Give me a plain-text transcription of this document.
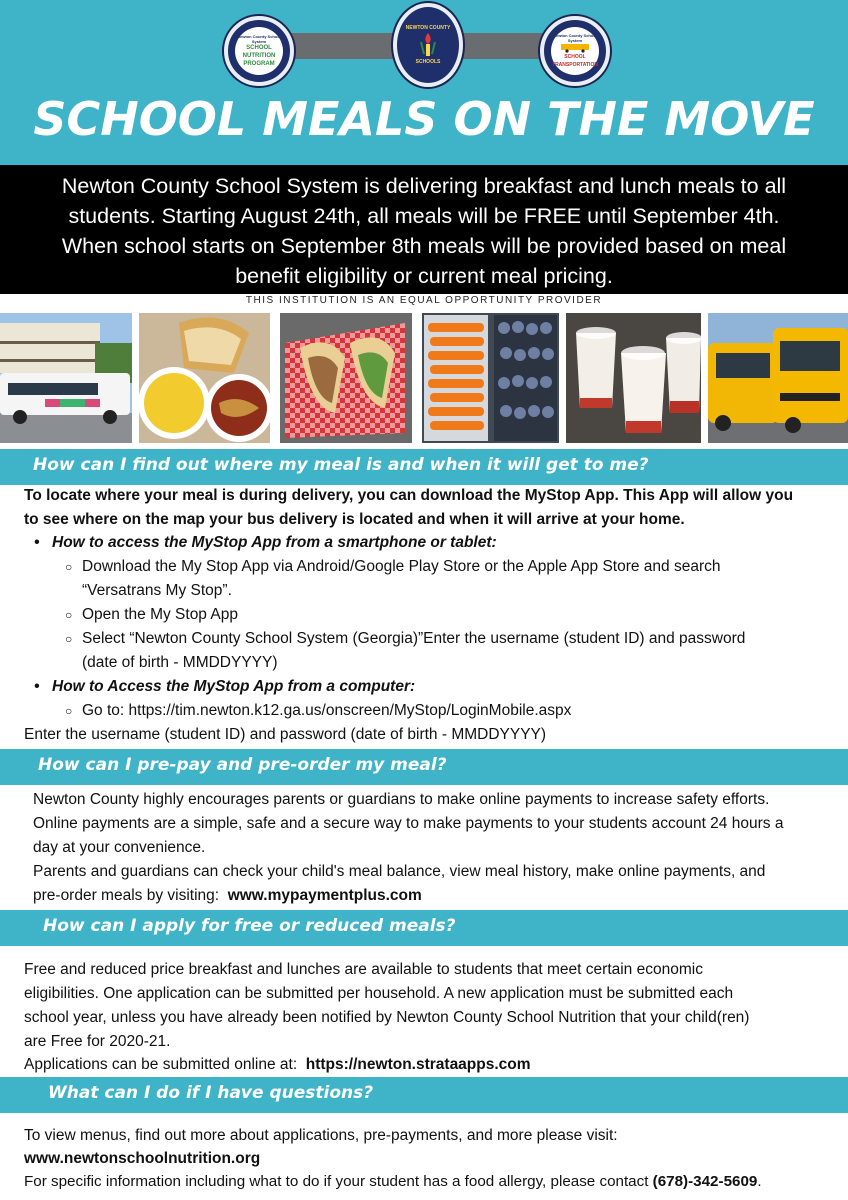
Newton County School System
SCHOOL NUTRITION
PROGRAM
NEWTON COUNTY
SCHOOLS
Newton County School System
SCHOOL
TRANSPORTATION
SCHOOL MEALS ON THE MOVE
Newton County School System is delivering breakfast and lunch meals to all
students. Starting August 24th, all meals will be FREE until September 4th.
When school starts on September 8th meals will be provided based on meal
benefit eligibility or current meal pricing.
THIS INSTITUTION IS AN EQUAL OPPORTUNITY PROVIDER
How can I find out where my meal is and when it will get to me?
To locate where your meal is during delivery, you can download the MyStop App. This App will allow you
to see where on the map your bus delivery is located and when it will arrive at your home.
• How to access the MyStop App from a smartphone or tablet:
○ Download the My Stop App via Android/Google Play Store or the Apple App Store and search
“Versatrans My Stop”.
○ Open the My Stop App
○ Select “Newton County School System (Georgia)”Enter the username (student ID) and password
(date of birth - MMDDYYYY)
• How to Access the MyStop App from a computer:
○ Go to: https://tim.newton.k12.ga.us/onscreen/MyStop/LoginMobile.aspx
Enter the username (student ID) and password (date of birth - MMDDYYYY)
How can I pre-pay and pre-order my meal?
Newton County highly encourages parents or guardians to make online payments to increase safety efforts.
Online payments are a simple, safe and a secure way to make payments to your students account 24 hours a
day at your convenience.
Parents and guardians can check your child's meal balance, view meal history, make online payments, and
pre-order meals by visiting:  www.mypaymentplus.com
How can I apply for free or reduced meals?
Free and reduced price breakfast and lunches are available to students that meet certain economic
eligibilities. One application can be submitted per household. A new application must be submitted each
school year, unless you have already been notified by Newton County School Nutrition that your child(ren)
are Free for 2020-21.
Applications can be submitted online at:  https://newton.strataapps.com
What can I do if I have questions?
To view menus, find out more about applications, pre-payments, and more please visit:
www.newtonschoolnutrition.org
For specific information including what to do if your student has a food allergy, please contact (678)-342-5609.
